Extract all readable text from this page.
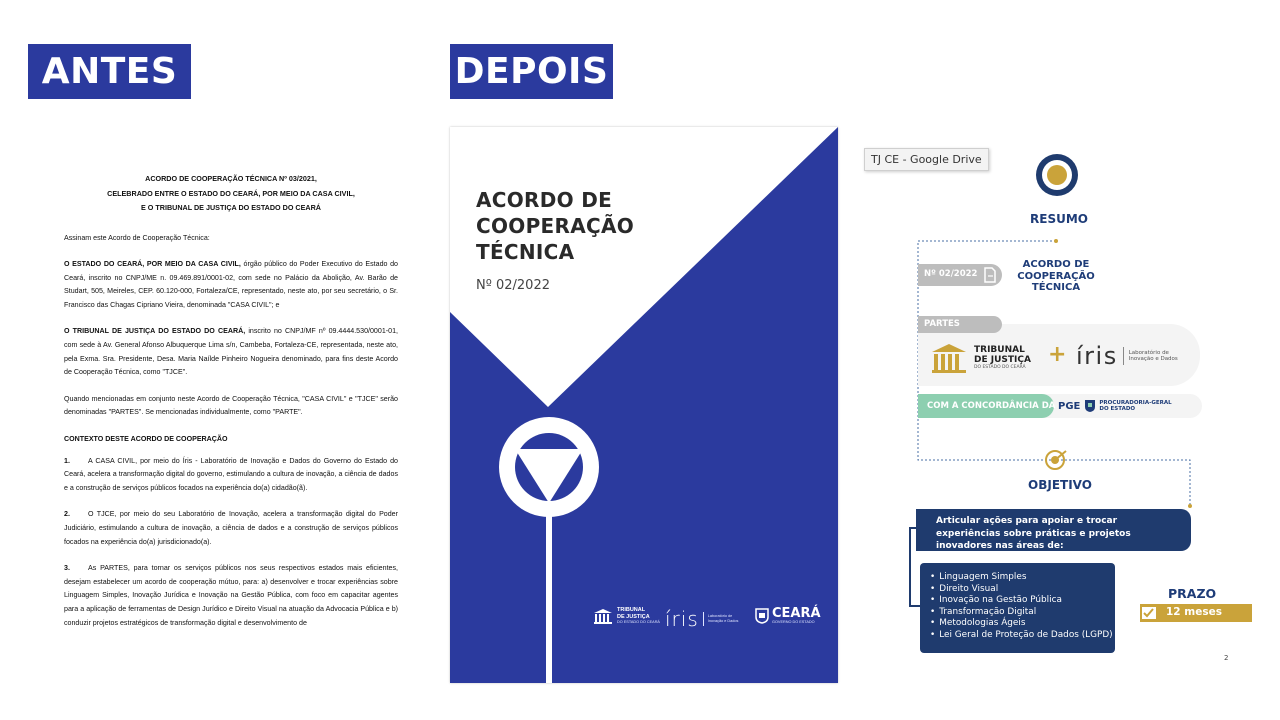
ANTES	DEPOIS
ACORDO DE COOPERAÇÃO TÉCNICA Nº 03/2021,
CELEBRADO ENTRE O ESTADO DO CEARÁ, POR MEIO DA CASA CIVIL,
E O TRIBUNAL DE JUSTIÇA DO ESTADO DO CEARÁ

Assinam este Acordo de Cooperação Técnica:

O ESTADO DO CEARÁ, POR MEIO DA CASA CIVIL, órgão público do Poder Executivo do Estado do Ceará, inscrito no CNPJ/ME n. 09.469.891/0001-02, com sede no Palácio da Abolição, Av. Barão de Studart, 505, Meireles, CEP. 60.120-000, Fortaleza/CE, representado, neste ato, por seu secretário, o Sr. Francisco das Chagas Cipriano Vieira, denominada "CASA CIVIL"; e

O TRIBUNAL DE JUSTIÇA DO ESTADO DO CEARÁ, inscrito no CNPJ/MF nº 09.4444.530/0001-01, com sede à Av. General Afonso Albuquerque Lima s/n, Cambeba, Fortaleza-CE, representada, neste ato, pela Exma. Sra. Presidente, Desa. Maria Naílde Pinheiro Nogueira denominado, para fins deste Acordo de Cooperação Técnica, como "TJCE".

Quando mencionadas em conjunto neste Acordo de Cooperação Técnica, "CASA CIVIL" e "TJCE" serão denominadas "PARTES". Se mencionadas individualmente, como "PARTE".

CONTEXTO DESTE ACORDO DE COOPERAÇÃO

1.	A CASA CIVIL, por meio do Íris - Laboratório de Inovação e Dados do Governo do Estado do Ceará, acelera a transformação digital do governo, estimulando a cultura de inovação, a ciência de dados e a construção de serviços públicos focados na experiência do(a) cidadão(ã).

2.	O TJCE, por meio do seu Laboratório de Inovação, acelera a transformação digital do Poder Judiciário, estimulando a cultura de inovação, a ciência de dados e a construção de serviços públicos focados na experiência do(a) jurisdicionado(a).

3.	As PARTES, para tornar os serviços públicos nos seus respectivos estados mais eficientes, desejam estabelecer um acordo de cooperação mútuo, para: a) desenvolver e trocar experiências sobre Linguagem Simples, Inovação Jurídica e Inovação na Gestão Pública, com foco em capacitar agentes para a aplicação de ferramentas de Design Jurídico e Direito Visual na atuação da Advocacia Pública e b) conduzir projetos estratégicos de transformação digital e desenvolvimento de

ACORDO DE
COOPERAÇÃO
TÉCNICA
Nº 02/2022
TRIBUNAL
DE JUSTIÇA
DO ESTADO DO CEARÁ íris Laboratório de
Inovação e Dados	CEARÁ
GOVERNO DO ESTADO
TJ CE - Google Drive
RESUMO
Nº 02/2022
ACORDO DE
COOPERAÇÃO
TÉCNICA
TRIBUNAL
DE JUSTIÇA
DO ESTADO DO CEARÁ
+ íris Laboratório de
Inovação e Dados
PARTES
PGE	PROCURADORIA-GERAL
DO ESTADO
COM A CONCORDÂNCIA DA
OBJETIVO
Articular ações para apoiar e trocar experiências sobre práticas e projetos inovadores nas áreas de:
• Linguagem Simples
• Direito Visual
• Inovação na Gestão Pública
• Transformação Digital
• Metodologias Ágeis
• Lei Geral de Proteção de Dados (LGPD)
PRAZO
12 meses
2
